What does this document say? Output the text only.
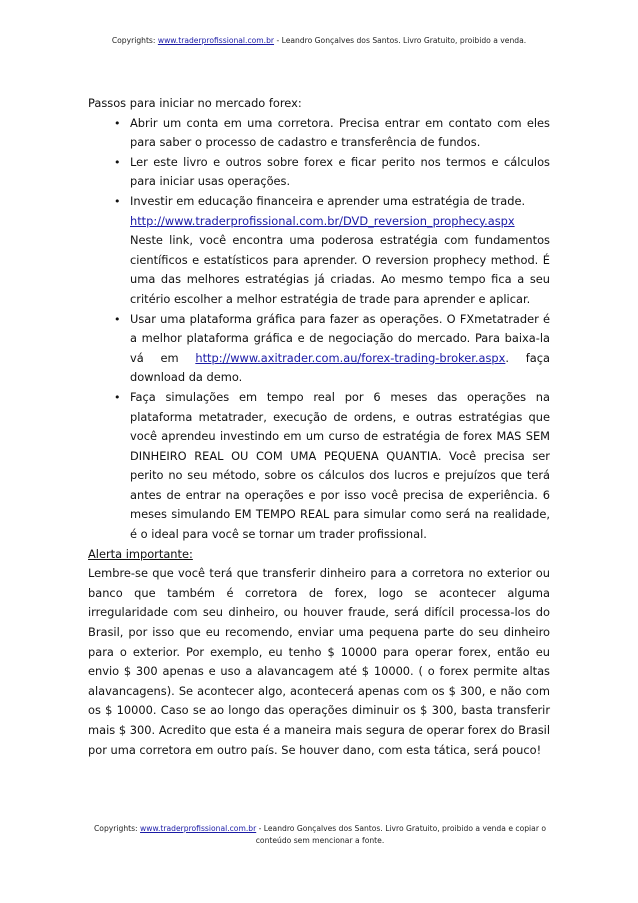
Copyrights: www.traderprofissional.com.br - Leandro Gonçalves dos Santos. Livro Gratuito, proibido a venda.

Passos para iniciar no mercado forex:

• Abrir um conta em uma corretora. Precisa entrar em contato com eles para saber o processo de cadastro e transferência de fundos.
• Ler este livro e outros sobre forex e ficar perito nos termos e cálculos para iniciar usas operações.
• Investir em educação financeira e aprender uma estratégia de trade.
http://www.traderprofissional.com.br/DVD_reversion_prophecy.aspx
Neste link, você encontra uma poderosa estratégia com fundamentos científicos e estatísticos para aprender. O reversion prophecy method. É uma das melhores estratégias já criadas. Ao mesmo tempo fica a seu critério escolher a melhor estratégia de trade para aprender e aplicar.
• Usar uma plataforma gráfica para fazer as operações. O FXmetatrader é a melhor plataforma gráfica e de negociação do mercado. Para baixa-la vá em http://www.axitrader.com.au/forex-trading-broker.aspx. faça download da demo.
• Faça simulações em tempo real por 6 meses das operações na plataforma metatrader, execução de ordens, e outras estratégias que você aprendeu investindo em um curso de estratégia de forex MAS SEM DINHEIRO REAL OU COM UMA PEQUENA QUANTIA. Você precisa ser perito no seu método, sobre os cálculos dos lucros e prejuízos que terá antes de entrar na operações e por isso você precisa de experiência. 6 meses simulando EM TEMPO REAL para simular como será na realidade, é o ideal para você se tornar um trader profissional.

Alerta importante:

Lembre-se que você terá que transferir dinheiro para a corretora no exterior ou banco que também é corretora de forex, logo se acontecer alguma irregularidade com seu dinheiro, ou houver fraude, será difícil processa-los do Brasil, por isso que eu recomendo, enviar uma pequena parte do seu dinheiro para o exterior. Por exemplo, eu tenho $ 10000 para operar forex, então eu envio $ 300 apenas e uso a alavancagem até $ 10000. ( o forex permite altas alavancagens). Se acontecer algo, acontecerá apenas com os $ 300, e não com os $ 10000. Caso se ao longo das operações diminuir os $ 300, basta transferir mais $ 300. Acredito que esta é a maneira mais segura de operar forex do Brasil por uma corretora em outro país. Se houver dano, com esta tática, será pouco!

Copyrights: www.traderprofissional.com.br - Leandro Gonçalves dos Santos. Livro Gratuito, proibido a venda e copiar o conteúdo sem mencionar a fonte.
